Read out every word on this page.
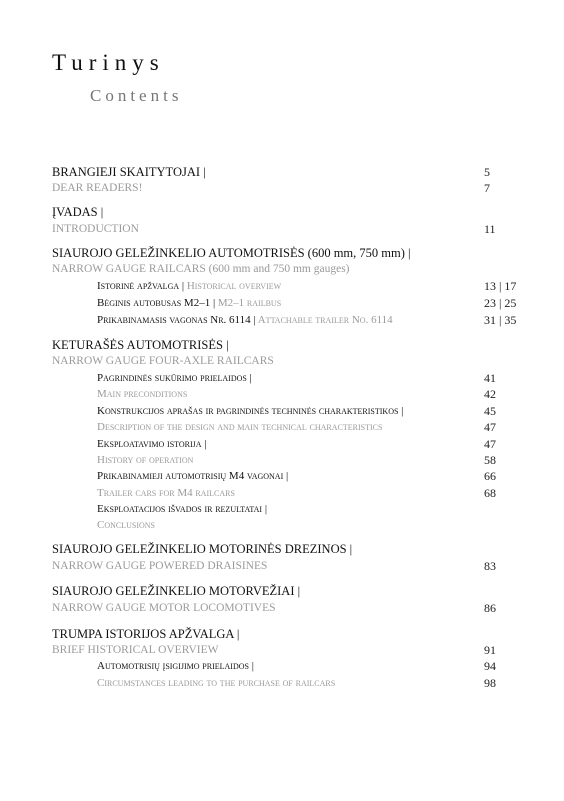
Turinys
Contents
BRANGIEJI SKAITYTOJAI |	5
DEAR READERS!	7
ĮVADAS |
INTRODUCTION	11
SIAUROJO GELEŽINKELIO AUTOMOTRISĖS (600 mm, 750 mm) |
NARROW GAUGE RAILCARS (600 mm and 750 mm gauges)
Istorinė apžvalga | Historical overview	13 | 17
Bėginis autobusas M2–1 | M2–1 railbus	23 | 25
Prikabinamasis vagonas Nr. 6114 | Attachable trailer No. 6114	31 | 35
KETURAŠĖS AUTOMOTRISĖS |
NARROW GAUGE FOUR-AXLE RAILCARS
Pagrindinės sukūrimo prielaidos |	41
Main preconditions	42
Konstrukcijos aprašas ir pagrindinės techninės charakteristikos |	45
Description of the design and main technical characteristics	47
Eksploatavimo istorija |	47
History of operation	58
Prikabinamieji automotrisių M4 vagonai |	66
Trailer cars for M4 railcars	68
Eksploatacijos išvados ir rezultatai |
Conclusions
SIAUROJO GELEŽINKELIO MOTORINĖS DREZINOS |
NARROW GAUGE POWERED DRAISINES	83
SIAUROJO GELEŽINKELIO MOTORVEŽIAI |
NARROW GAUGE MOTOR LOCOMOTIVES	86
TRUMPA ISTORIJOS APŽVALGA |
BRIEF HISTORICAL OVERVIEW	91
Automotrisių įsigijimo prielaidos |	94
Circumstances leading to the purchase of railcars	98
